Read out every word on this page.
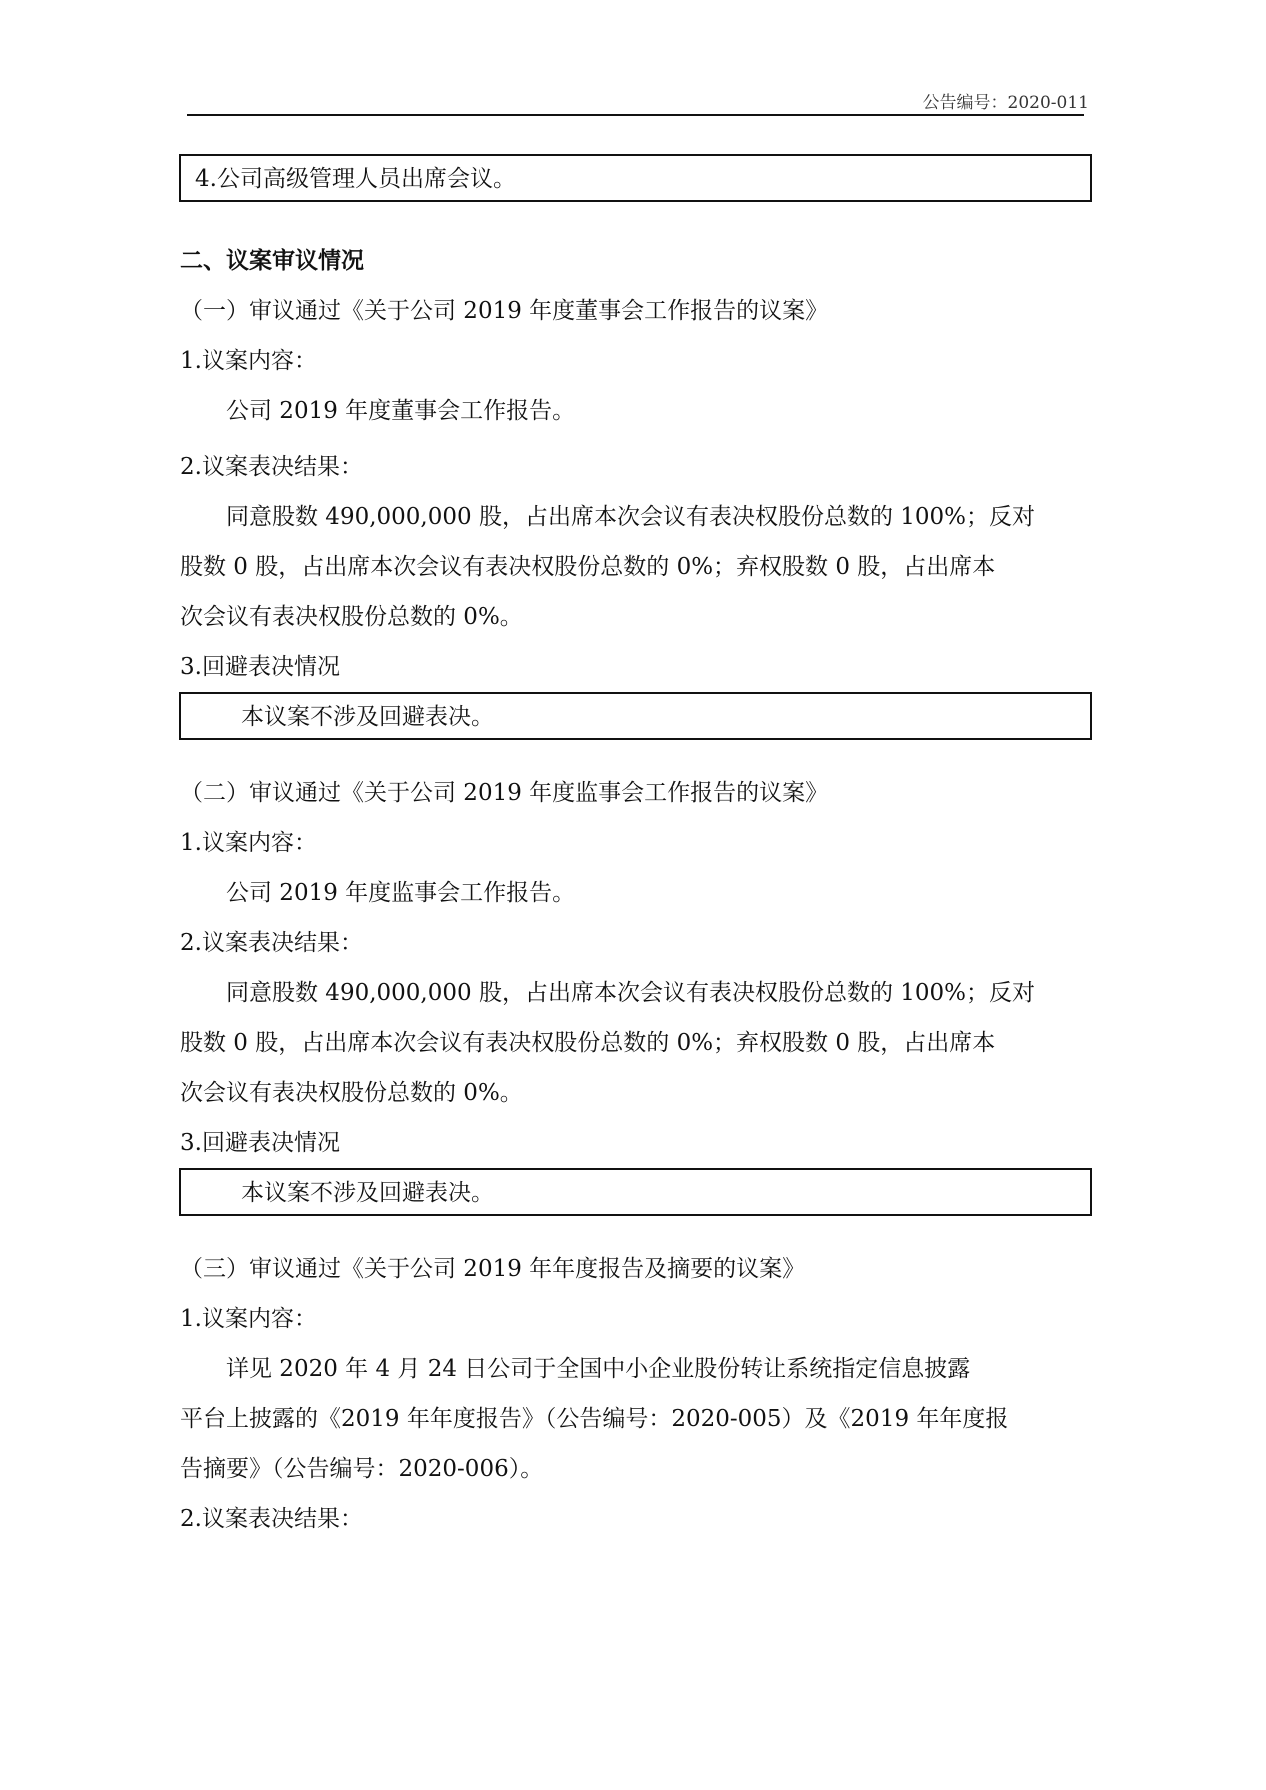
公告编号：2020-011
4.公司高级管理人员出席会议。
二、议案审议情况
（一）审议通过《关于公司 2019 年度董事会工作报告的议案》
1.议案内容：
公司 2019 年度董事会工作报告。
2.议案表决结果：
同意股数 490,000,000 股，占出席本次会议有表决权股份总数的 100%；反对
股数 0 股，占出席本次会议有表决权股份总数的 0%；弃权股数 0 股，占出席本
次会议有表决权股份总数的 0%。
3.回避表决情况
本议案不涉及回避表决。
（二）审议通过《关于公司 2019 年度监事会工作报告的议案》
1.议案内容：
公司 2019 年度监事会工作报告。
2.议案表决结果：
同意股数 490,000,000 股，占出席本次会议有表决权股份总数的 100%；反对
股数 0 股，占出席本次会议有表决权股份总数的 0%；弃权股数 0 股，占出席本
次会议有表决权股份总数的 0%。
3.回避表决情况
本议案不涉及回避表决。
（三）审议通过《关于公司 2019 年年度报告及摘要的议案》
1.议案内容：
详见 2020 年 4 月 24 日公司于全国中小企业股份转让系统指定信息披露
平台上披露的《2019 年年度报告》（公告编号：2020-005）及《2019 年年度报
告摘要》（公告编号：2020-006）。
2.议案表决结果：
